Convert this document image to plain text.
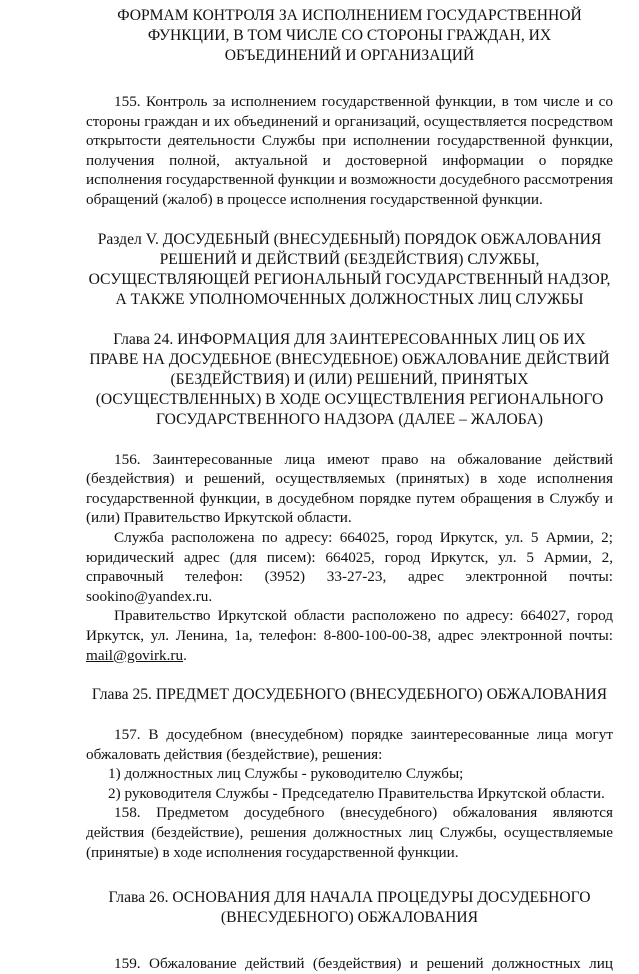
ФОРМАМ КОНТРОЛЯ ЗА ИСПОЛНЕНИЕМ ГОСУДАРСТВЕННОЙ ФУНКЦИИ, В ТОМ ЧИСЛЕ СО СТОРОНЫ ГРАЖДАН, ИХ ОБЪЕДИНЕНИЙ И ОРГАНИЗАЦИЙ

155. Контроль за исполнением государственной функции, в том числе и со стороны граждан и их объединений и организаций, осуществляется посредством открытости деятельности Службы при исполнении государственной функции, получения полной, актуальной и достоверной информации о порядке исполнения государственной функции и возможности досудебного рассмотрения обращений (жалоб) в процессе исполнения государственной функции.

Раздел V. ДОСУДЕБНЫЙ (ВНЕСУДЕБНЫЙ) ПОРЯДОК ОБЖАЛОВАНИЯ РЕШЕНИЙ И ДЕЙСТВИЙ (БЕЗДЕЙСТВИЯ) СЛУЖБЫ, ОСУЩЕСТВЛЯЮЩЕЙ РЕГИОНАЛЬНЫЙ ГОСУДАРСТВЕННЫЙ НАДЗОР, А ТАКЖЕ УПОЛНОМОЧЕННЫХ ДОЛЖНОСТНЫХ ЛИЦ СЛУЖБЫ

Глава 24. ИНФОРМАЦИЯ ДЛЯ ЗАИНТЕРЕСОВАННЫХ ЛИЦ ОБ ИХ ПРАВЕ НА ДОСУДЕБНОЕ (ВНЕСУДЕБНОЕ) ОБЖАЛОВАНИЕ ДЕЙСТВИЙ (БЕЗДЕЙСТВИЯ) И (ИЛИ) РЕШЕНИЙ, ПРИНЯТЫХ (ОСУЩЕСТВЛЕННЫХ) В ХОДЕ ОСУЩЕСТВЛЕНИЯ РЕГИОНАЛЬНОГО ГОСУДАРСТВЕННОГО НАДЗОРА (ДАЛЕЕ – ЖАЛОБА)

156. Заинтересованные лица имеют право на обжалование действий (бездействия) и решений, осуществляемых (принятых) в ходе исполнения государственной функции, в досудебном порядке путем обращения в Службу и (или) Правительство Иркутской области.

Служба расположена по адресу: 664025, город Иркутск, ул. 5 Армии, 2; юридический адрес (для писем): 664025, город Иркутск, ул. 5 Армии, 2, справочный телефон: (3952) 33-27-23, адрес электронной почты: sookino@yandex.ru.

Правительство Иркутской области расположено по адресу: 664027, город Иркутск, ул. Ленина, 1а, телефон: 8-800-100-00-38, адрес электронной почты: mail@govirk.ru.

Глава 25. ПРЕДМЕТ ДОСУДЕБНОГО (ВНЕСУДЕБНОГО) ОБЖАЛОВАНИЯ

157. В досудебном (внесудебном) порядке заинтересованные лица могут обжаловать действия (бездействие), решения:

1) должностных лиц Службы - руководителю Службы;

2) руководителя Службы - Председателю Правительства Иркутской области.

158. Предметом досудебного (внесудебного) обжалования являются действия (бездействие), решения должностных лиц Службы, осуществляемые (принятые) в ходе исполнения государственной функции.

Глава 26. ОСНОВАНИЯ ДЛЯ НАЧАЛА ПРОЦЕДУРЫ ДОСУДЕБНОГО (ВНЕСУДЕБНОГО) ОБЖАЛОВАНИЯ

159. Обжалование действий (бездействия) и решений должностных лиц
